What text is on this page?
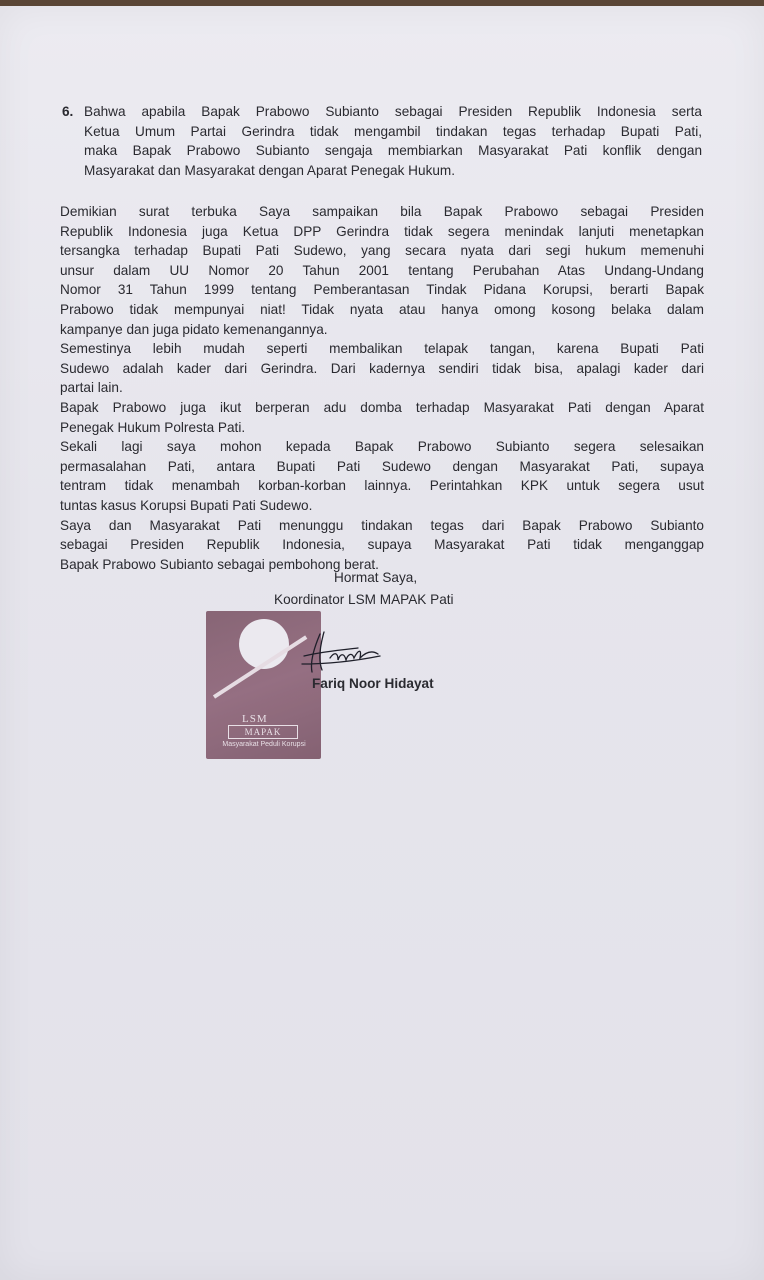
6. Bahwa apabila Bapak Prabowo Subianto sebagai Presiden Republik Indonesia serta
Ketua Umum Partai Gerindra tidak mengambil tindakan tegas terhadap Bupati Pati,
maka Bapak Prabowo Subianto sengaja membiarkan Masyarakat Pati konflik dengan
Masyarakat dan Masyarakat dengan Aparat Penegak Hukum.
Demikian surat terbuka Saya sampaikan bila Bapak Prabowo sebagai Presiden
Republik Indonesia juga Ketua DPP Gerindra tidak segera menindak lanjuti menetapkan
tersangka terhadap Bupati Pati Sudewo, yang secara nyata dari segi hukum memenuhi
unsur dalam UU Nomor 20 Tahun 2001 tentang Perubahan Atas Undang-Undang
Nomor 31 Tahun 1999 tentang Pemberantasan Tindak Pidana Korupsi, berarti Bapak
Prabowo tidak mempunyai niat! Tidak nyata atau hanya omong kosong belaka dalam
kampanye dan juga pidato kemenangannya.
Semestinya lebih mudah seperti membalikan telapak tangan, karena Bupati Pati
Sudewo adalah kader dari Gerindra. Dari kadernya sendiri tidak bisa, apalagi kader dari
partai lain.
Bapak Prabowo juga ikut berperan adu domba terhadap Masyarakat Pati dengan Aparat
Penegak Hukum Polresta Pati.
Sekali lagi saya mohon kepada Bapak Prabowo Subianto segera selesaikan
permasalahan Pati, antara Bupati Pati Sudewo dengan Masyarakat Pati, supaya
tentram tidak menambah korban-korban lainnya. Perintahkan KPK untuk segera usut
tuntas kasus Korupsi Bupati Pati Sudewo.
Saya dan Masyarakat Pati menunggu tindakan tegas dari Bapak Prabowo Subianto
sebagai Presiden Republik Indonesia, supaya Masyarakat Pati tidak menganggap
Bapak Prabowo Subianto sebagai pembohong berat.
LSM
MAPAK
Masyarakat Peduli Korupsi
Hormat Saya,
Koordinator LSM MAPAK Pati
Fariq Noor Hidayat
